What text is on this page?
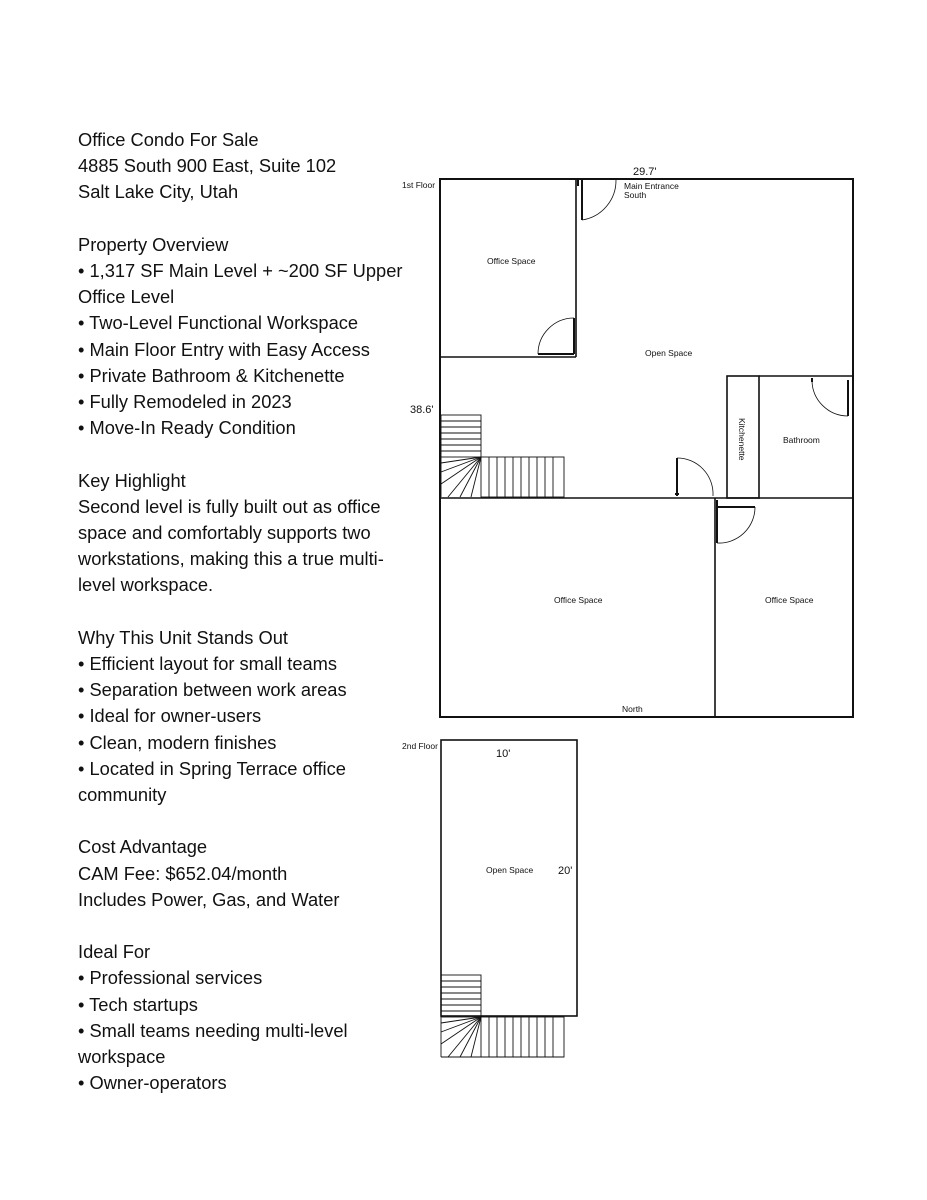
Office Condo For Sale
4885 South 900 East, Suite 102
Salt Lake City, Utah
Property Overview
• 1,317 SF Main Level + ~200 SF Upper
Office Level
• Two-Level Functional Workspace
• Main Floor Entry with Easy Access
• Private Bathroom & Kitchenette
• Fully Remodeled in 2023
• Move-In Ready Condition
Key Highlight
Second level is fully built out as office
space and comfortably supports two
workstations, making this a true multi-
level workspace.
Why This Unit Stands Out
• Efficient layout for small teams
• Separation between work areas
• Ideal for owner-users
• Clean, modern finishes
• Located in Spring Terrace office
community
Cost Advantage
CAM Fee: $652.04/month
Includes Power, Gas, and Water
Ideal For
• Professional services
• Tech startups
• Small teams needing multi-level
workspace
• Owner-operators
1st Floor
29.7'
38.6'
Main Entrance
South
Office Space
Open Space
Kitchenette	Bathroom
Office Space	Office Space
North
2nd Floor
10'
20'
Open Space
